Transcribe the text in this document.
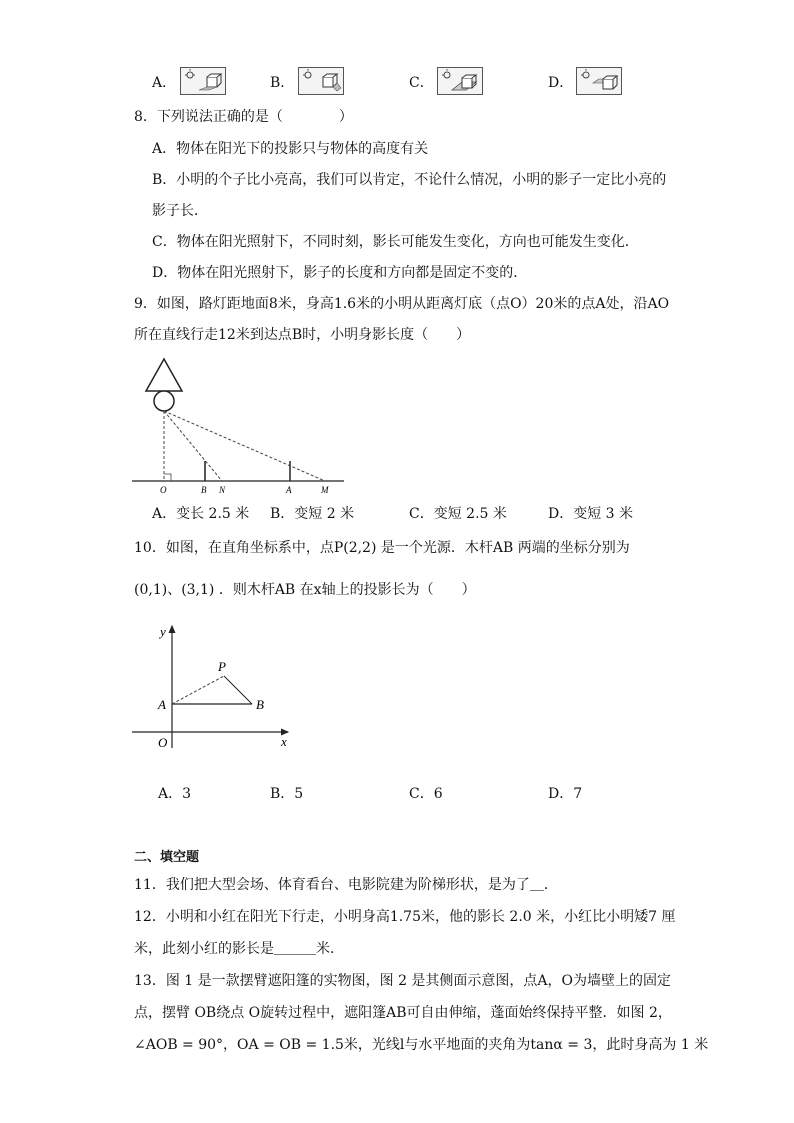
A．	B．	C．	D．
8．下列说法正确的是（　　　　）
A．物体在阳光下的投影只与物体的高度有关
B．小明的个子比小亮高，我们可以肯定，不论什么情况，小明的影子一定比小亮的
影子长．
C．物体在阳光照射下，不同时刻，影长可能发生变化，方向也可能发生变化．
D．物体在阳光照射下，影子的长度和方向都是固定不变的．
9．如图，路灯距地面8米，身高1.6米的小明从距离灯底（点O）20米的点A处，沿AO
所在直线行走12米到达点B时，小明身影长度（　　）
O	B N	A	M
A．变长 2.5 米 B．变短 2 米	C．变短 2.5 米	D．变短 3 米
10．如图，在直角坐标系中，点P(2,2) 是一个光源．木杆AB 两端的坐标分别为
(0,1)、(3,1) ．则木杆AB 在x轴上的投影长为（　　）
y
x
O
A	B
P
A．3	B．5	C．6	D．7
二、填空题
11．我们把大型会场、体育看台、电影院建为阶梯形状，是为了＿．
12．小明和小红在阳光下行走，小明身高1.75米，他的影长 2.0 米，小红比小明矮7 厘
米，此刻小红的影长是＿＿＿米．
13．图 1 是一款摆臂遮阳篷的实物图，图 2 是其侧面示意图，点A，O为墙壁上的固定
点，摆臂 OB绕点 O旋转过程中，遮阳篷AB可自由伸缩，蓬面始终保持平整．如图 2，
∠AOB = 90°，OA = OB = 1.5米，光线l与水平地面的夹角为tanα = 3，此时身高为 1 米
